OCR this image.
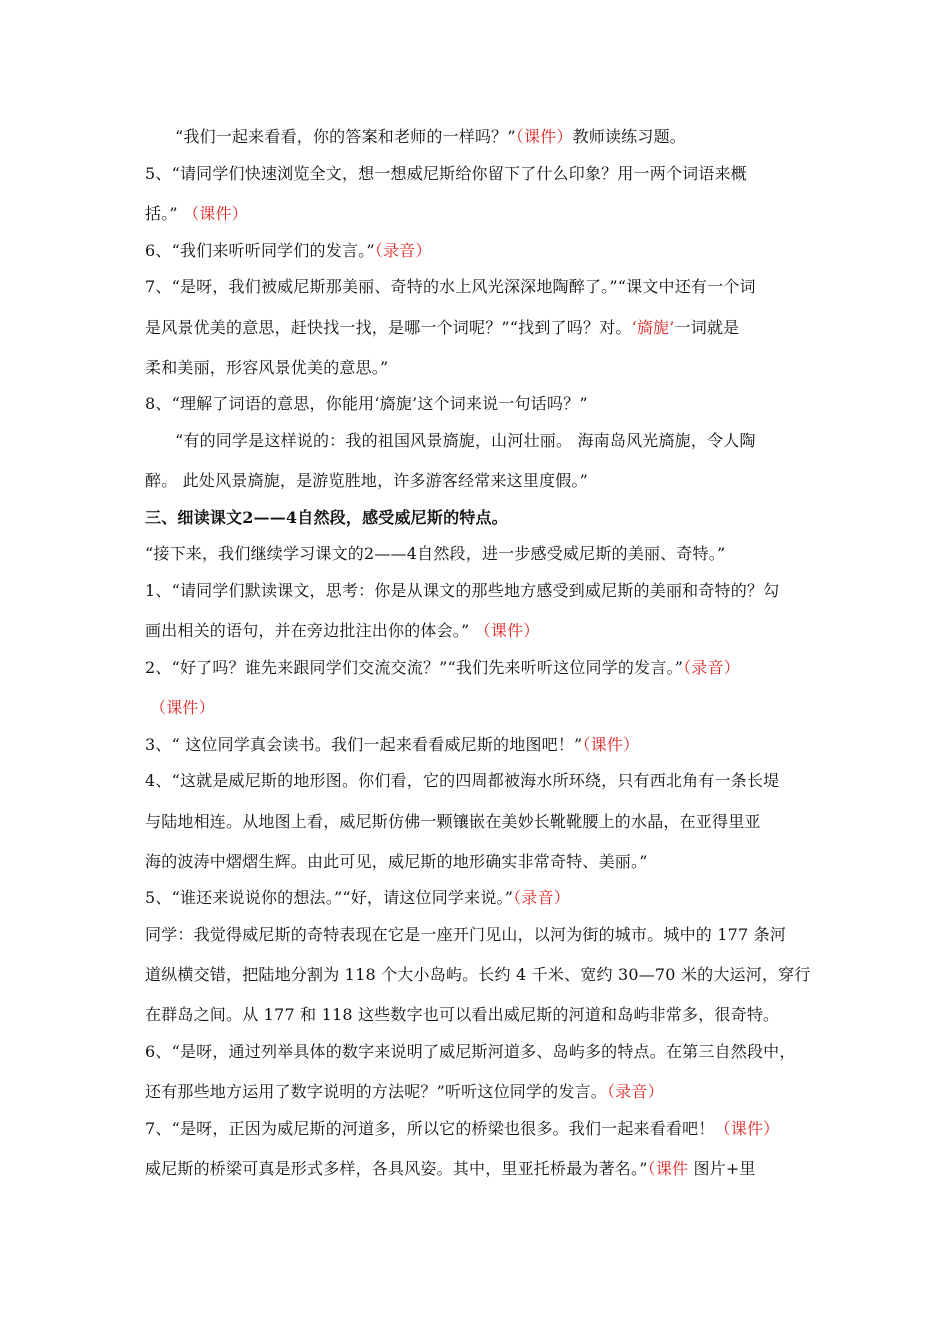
“我们一起来看看，你的答案和老师的一样吗？”（课件）教师读练习题。
5、“请同学们快速浏览全文，想一想威尼斯给你留下了什么印象？用一两个词语来概
括。” （课件）
6、“我们来听听同学们的发言。”（录音）
7、“是呀，我们被威尼斯那美丽、奇特的水上风光深深地陶醉了。”“课文中还有一个词
是风景优美的意思，赶快找一找，是哪一个词呢？”“找到了吗？对。‘旖旎’一词就是
柔和美丽，形容风景优美的意思。”
8、“理解了词语的意思，你能用‘旖旎’这个词来说一句话吗？”
“有的同学是这样说的：我的祖国风景旖旎，山河壮丽。 海南岛风光旖旎，令人陶
醉。 此处风景旖旎，是游览胜地，许多游客经常来这里度假。”
三、细读课文2——4自然段，感受威尼斯的特点。
“接下来，我们继续学习课文的2——4自然段，进一步感受威尼斯的美丽、奇特。”
1、“请同学们默读课文，思考：你是从课文的那些地方感受到威尼斯的美丽和奇特的？勾
画出相关的语句，并在旁边批注出你的体会。” （课件）
2、“好了吗？谁先来跟同学们交流交流？”“我们先来听听这位同学的发言。”（录音）
（课件）
3、“ 这位同学真会读书。我们一起来看看威尼斯的地图吧！”（课件）
4、“这就是威尼斯的地形图。你们看，它的四周都被海水所环绕，只有西北角有一条长堤
与陆地相连。从地图上看，威尼斯仿佛一颗镶嵌在美妙长靴靴腰上的水晶，在亚得里亚
海的波涛中熠熠生辉。由此可见，威尼斯的地形确实非常奇特、美丽。”
5、“谁还来说说你的想法。”“好，请这位同学来说。”（录音）
同学：我觉得威尼斯的奇特表现在它是一座开门见山，以河为街的城市。城中的 177 条河
道纵横交错，把陆地分割为 118 个大小岛屿。长约 4 千米、宽约 30—70 米的大运河，穿行
在群岛之间。从 177 和 118 这些数字也可以看出威尼斯的河道和岛屿非常多，很奇特。
6、“是呀，通过列举具体的数字来说明了威尼斯河道多、岛屿多的特点。在第三自然段中，
还有那些地方运用了数字说明的方法呢？”听听这位同学的发言。（录音）
7、“是呀，正因为威尼斯的河道多，所以它的桥梁也很多。我们一起来看看吧！（课件）
威尼斯的桥梁可真是形式多样，各具风姿。其中，里亚托桥最为著名。”（课件 图片+里
